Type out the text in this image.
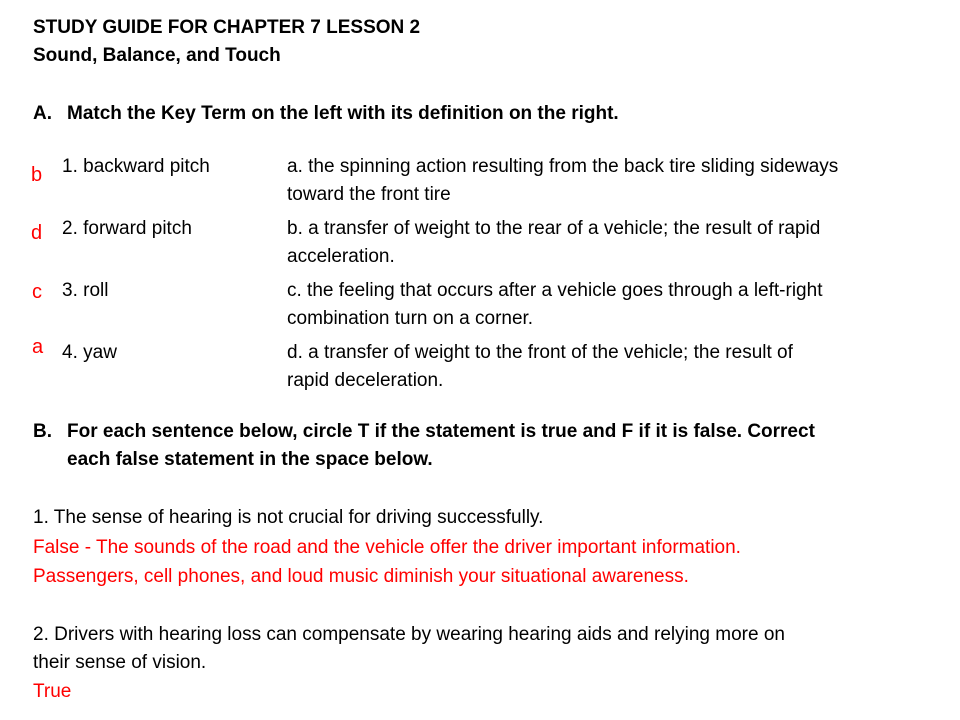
STUDY GUIDE FOR CHAPTER 7 LESSON 2
Sound, Balance, and Touch
A. Match the Key Term on the left with its definition on the right.
b 1. backward pitch	a. the spinning action resulting from the back tire sliding sideways
toward the front tire
d 2. forward pitch	b. a transfer of weight to the rear of a vehicle; the result of rapid
acceleration.
c 3. roll	c. the feeling that occurs after a vehicle goes through a left-right
combination turn on a corner.
a 4. yaw	d. a transfer of weight to the front of the vehicle; the result of
rapid deceleration.
B. For each sentence below, circle T if the statement is true and F if it is false. Correct
each false statement in the space below.
1. The sense of hearing is not crucial for driving successfully.
False - The sounds of the road and the vehicle offer the driver important information.
Passengers, cell phones, and loud music diminish your situational awareness.
2. Drivers with hearing loss can compensate by wearing hearing aids and relying more on
their sense of vision.
True
